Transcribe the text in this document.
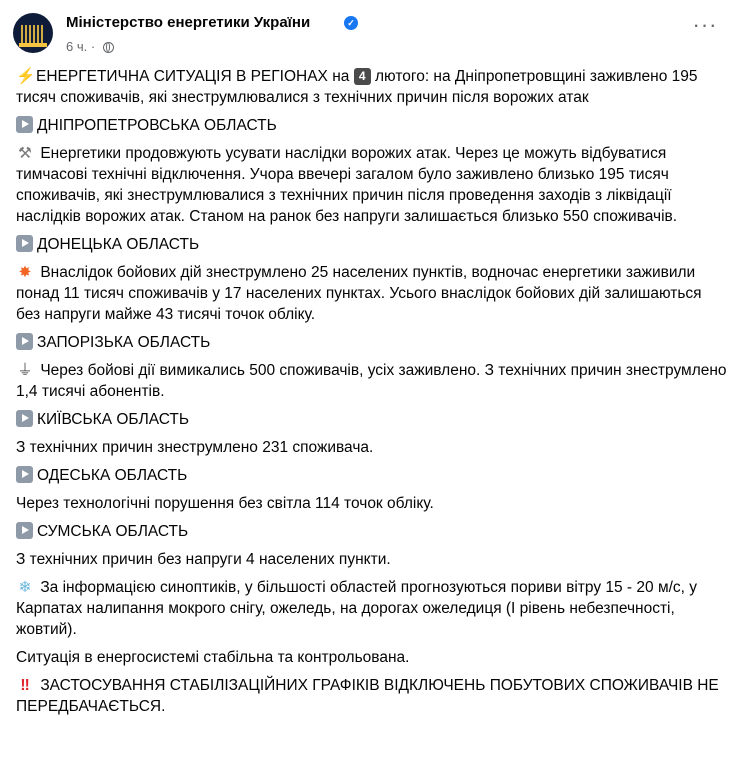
Міністерство енергетики України	✓
6 ч. ·
···

⚡ЕНЕРГЕТИЧНА СИТУАЦІЯ В РЕГІОНАХ на 4 лютого: на Дніпропетровщині заживлено 195 тисяч споживачів, які знеструмлювалися з технічних причин після ворожих атак

ДНІПРОПЕТРОВСЬКА ОБЛАСТЬ

⚒ Енергетики продовжують усувати наслідки ворожих атак. Через це можуть відбуватися тимчасові технічні відключення. Учора ввечері загалом було заживлено близько 195 тисяч споживачів, які знеструмлювалися з технічних причин після проведення заходів з ліквідації наслідків ворожих атак. Станом на ранок без напруги залишається близько 550 споживачів.

ДОНЕЦЬКА ОБЛАСТЬ

✸ Внаслідок бойових дій знеструмлено 25 населених пунктів, водночас енергетики заживили понад 11 тисяч споживачів у 17 населених пунктах. Усього внаслідок бойових дій залишаються без напруги майже 43 тисячі точок обліку.

ЗАПОРІЗЬКА ОБЛАСТЬ

⏚ Через бойові дії вимикались 500 споживачів, усіх заживлено. З технічних причин знеструмлено 1,4 тисячі абонентів.

КИЇВСЬКА ОБЛАСТЬ

З технічних причин знеструмлено 231 споживача.

ОДЕСЬКА ОБЛАСТЬ

Через технологічні порушення без світла 114 точок обліку.

СУМСЬКА ОБЛАСТЬ

З технічних причин без напруги 4 населених пункти.

❄ За інформацією синоптиків, у більшості областей прогнозуються пориви вітру 15 - 20 м/с, у Карпатах налипання мокрого снігу, ожеледь, на дорогах ожеледиця (І рівень небезпечності, жовтий).

Ситуація в енергосистемі стабільна та контрольована.

‼ ЗАСТОСУВАННЯ СТАБІЛІЗАЦІЙНИХ ГРАФІКІВ ВІДКЛЮЧЕНЬ ПОБУТОВИХ СПОЖИВАЧІВ НЕ ПЕРЕДБАЧАЄТЬСЯ.
